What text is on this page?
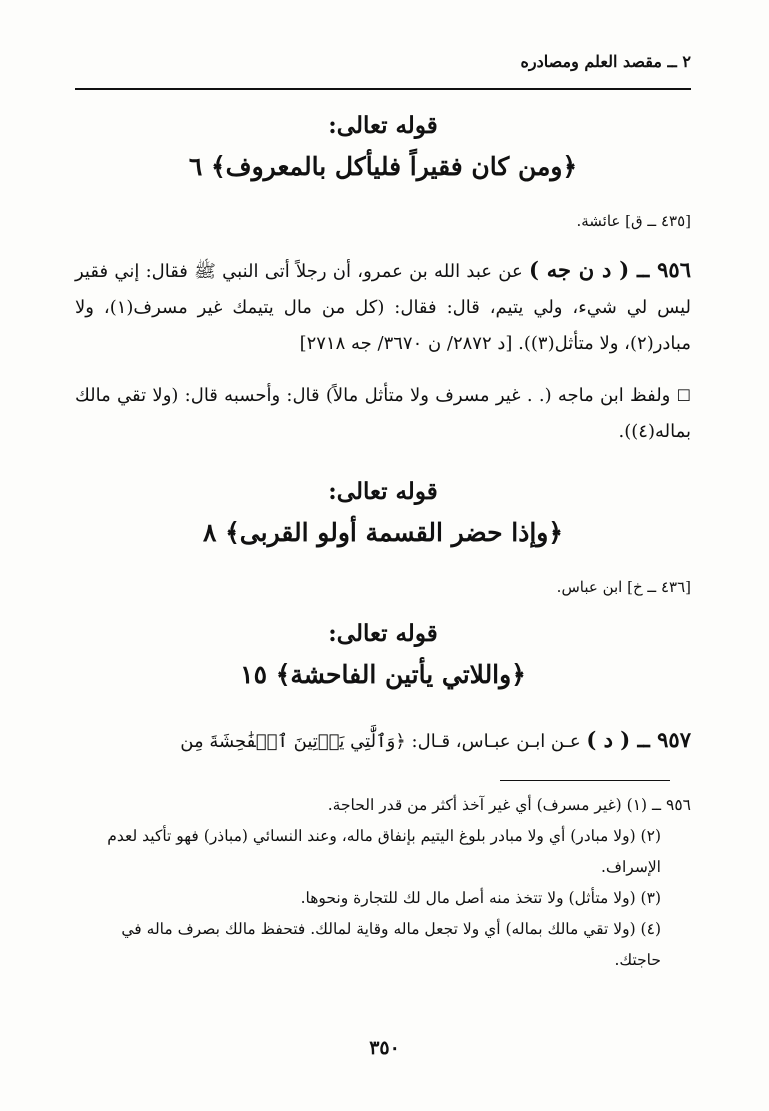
٢ ــ مقصد العلم ومصادره
قوله تعالى:
﴿ومن كان فقيراً فليأكل بالمعروف﴾ ٦
[٤٣٥ ــ ق] عائشة.
٩٥٦ ــ ( د ن جه ) عن عبد الله بن عمرو، أن رجلاً أتى النبي ﷺ فقال: إني فقير ليس لي شيء، ولي يتيم، قال: فقال: (كل من مال يتيمك غير مسرف(١)، ولا مبادر(٢)، ولا متأثل(٣)). [د ٢٨٧٢/ ن ٣٦٧٠/ جه ٢٧١٨]
☐ ولفظ ابن ماجه (. . غير مسرف ولا متأثل مالاً) قال: وأحسبه قال: (ولا تقي مالك بماله(٤)).
قوله تعالى:
﴿وإذا حضر القسمة أولو القربى﴾ ٨
[٤٣٦ ــ خ] ابن عباس.
قوله تعالى:
﴿واللاتي يأتين الفاحشة﴾ ١٥
٩٥٧ ــ ( د ) عـن ابـن عبـاس، قـال: ﴿وَٱلَّٰتِي يَأۡتِينَ ٱلۡفَٰحِشَةَ مِن
٩٥٦ ــ (١) (غير مسرف) أي غير آخذ أكثر من قدر الحاجة.
(٢) (ولا مبادر) أي ولا مبادر بلوغ اليتيم بإنفاق ماله، وعند النسائي (مباذر) فهو تأكيد لعدم الإسراف.
(٣) (ولا متأثل) ولا تتخذ منه أصل مال لك للتجارة ونحوها.
(٤) (ولا تقي مالك بماله) أي ولا تجعل ماله وقاية لمالك. فتحفظ مالك بصرف ماله في حاجتك.
٣٥٠
